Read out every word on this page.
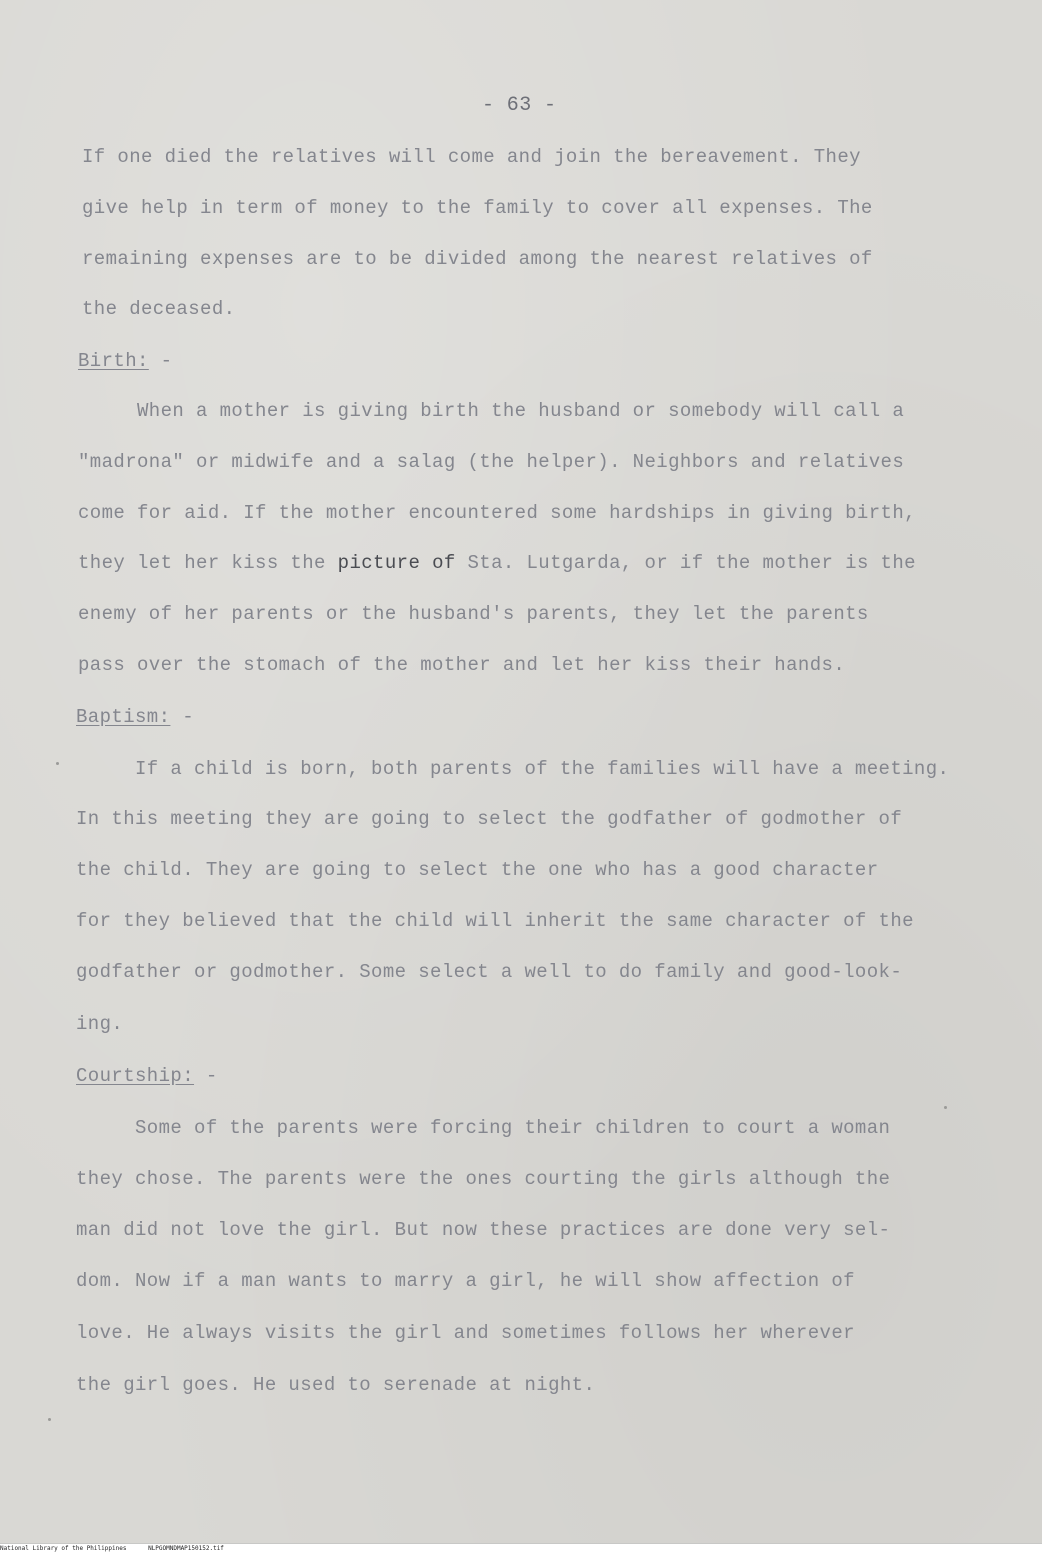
- 63 -
If one died the relatives will come and join the bereavement. They
give help in term of money to the family to cover all expenses. The
remaining expenses are to be divided among the nearest relatives of
the deceased.
Birth: -
When a mother is giving birth the husband or somebody will call a
"madrona" or midwife and a salag (the helper). Neighbors and relatives
come for aid. If the mother encountered some hardships in giving birth,
they let her kiss the picture of Sta. Lutgarda, or if the mother is the
enemy of her parents or the husband's parents, they let the parents
pass over the stomach of the mother and let her kiss their hands.
Baptism: -
If a child is born, both parents of the families will have a meeting.
In this meeting they are going to select the godfather of godmother of
the child. They are going to select the one who has a good character
for they believed that the child will inherit the same character of the
godfather or godmother. Some select a well to do family and good-look-
ing.
Courtship: -
Some of the parents were forcing their children to court a woman
they chose. The parents were the ones courting the girls although the
man did not love the girl. But now these practices are done very sel-
dom. Now if a man wants to marry a girl, he will show affection of
love. He always visits the girl and sometimes follows her wherever
the girl goes. He used to serenade at night.
National Library of the Philippines	NLPGOMNDMAP150152.tif
